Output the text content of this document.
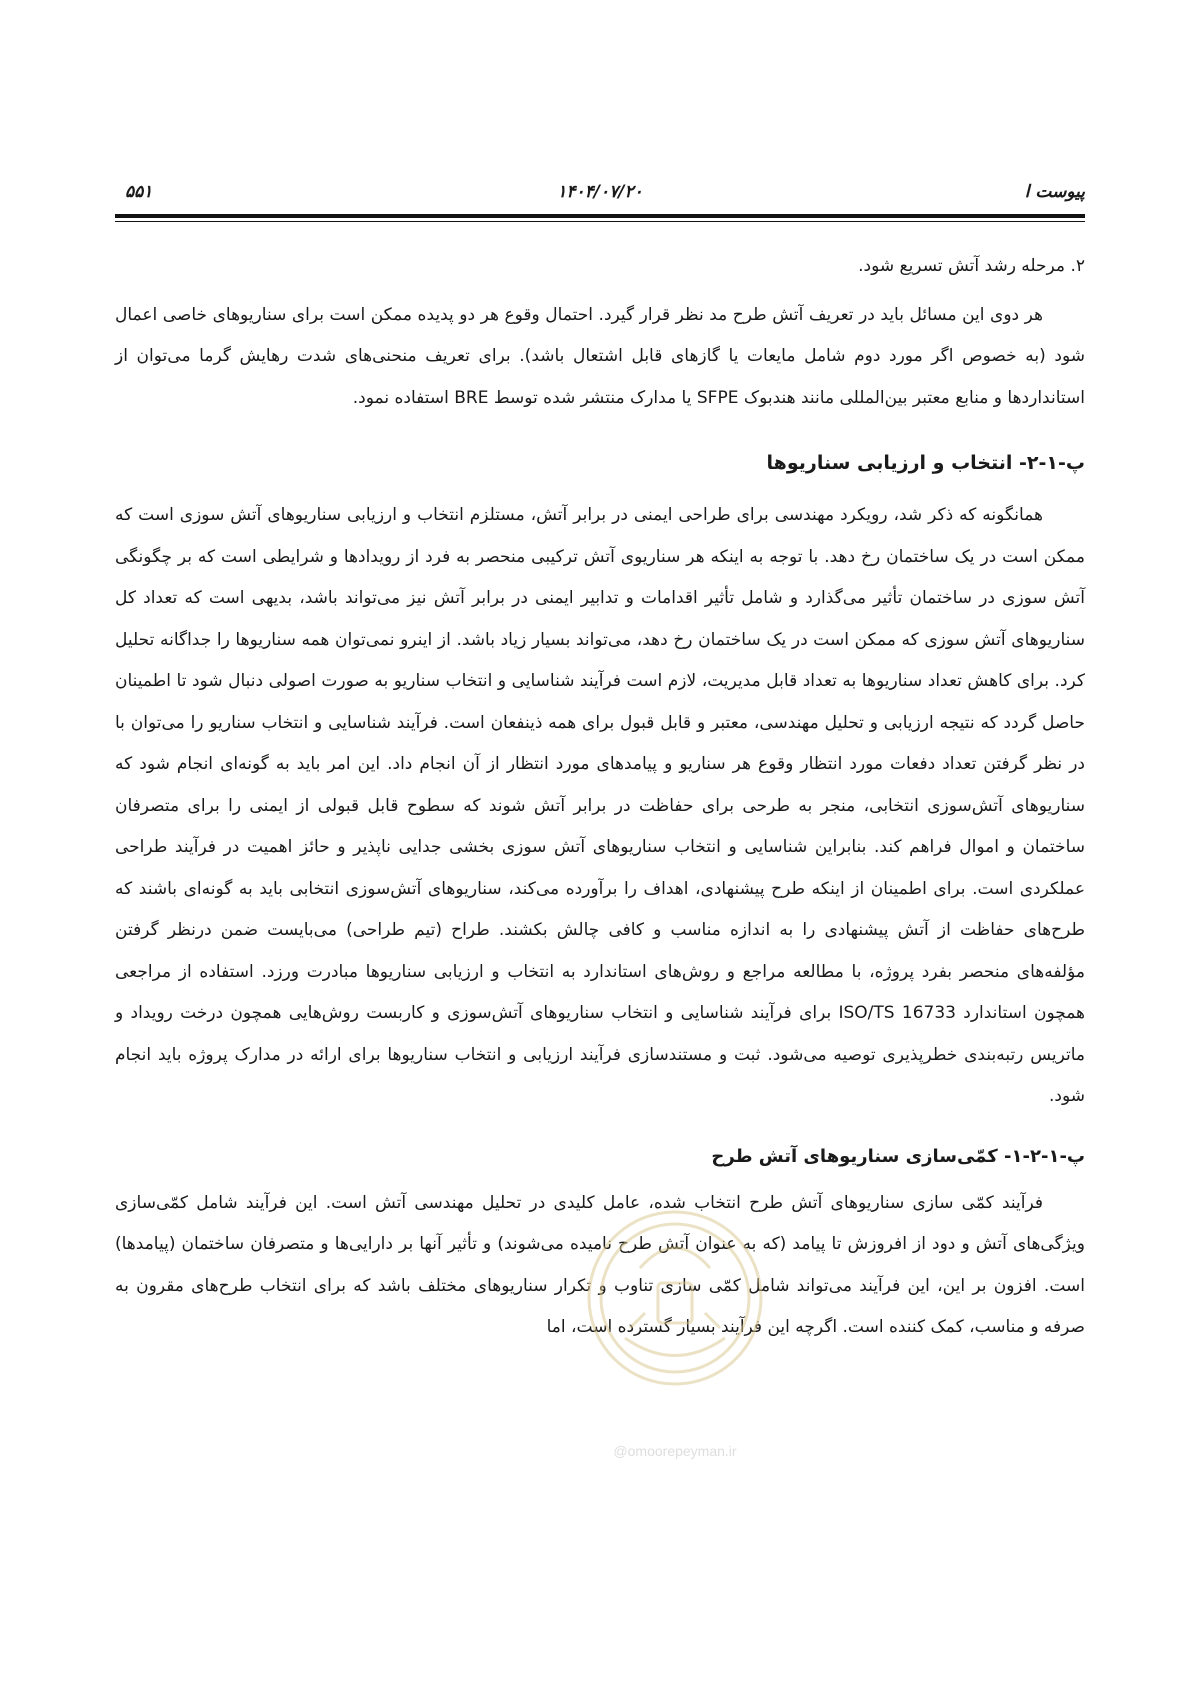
پیوست ا
۱۴۰۴/۰۷/۲۰
۵۵۱

۲. مرحله رشد آتش تسریع شود.

هر دوی این مسائل باید در تعریف آتش طرح مد نظر قرار گیرد. احتمال وقوع هر دو پدیده ممکن است برای سناریوهای خاصی اعمال شود (به خصوص اگر مورد دوم شامل مایعات یا گازهای قابل اشتعال باشد). برای تعریف منحنی‌های شدت رهایش گرما می‌توان از استانداردها و منابع معتبر بین‌المللی مانند هندبوک SFPE یا مدارک منتشر شده توسط BRE استفاده نمود.

پ-۱-۲- انتخاب و ارزیابی سناریوها

همانگونه که ذکر شد، رویکرد مهندسی برای طراحی ایمنی در برابر آتش، مستلزم انتخاب و ارزیابی سناریوهای آتش سوزی است که ممکن است در یک ساختمان رخ دهد. با توجه به اینکه هر سناریوی آتش ترکیبی منحصر به فرد از رویدادها و شرایطی است که بر چگونگی آتش سوزی در ساختمان تأثیر می‌گذارد و شامل تأثیر اقدامات و تدابیر ایمنی در برابر آتش نیز می‌تواند باشد، بدیهی است که تعداد کل سناریوهای آتش سوزی که ممکن است در یک ساختمان رخ دهد، می‌تواند بسیار زیاد باشد. از اینرو نمی‌توان همه سناریوها را جداگانه تحلیل کرد. برای کاهش تعداد سناریوها به تعداد قابل مدیریت، لازم است فرآیند شناسایی و انتخاب سناریو به صورت اصولی دنبال شود تا اطمینان حاصل گردد که نتیجه ارزیابی و تحلیل مهندسی، معتبر و قابل قبول برای همه ذینفعان است. فرآیند شناسایی و انتخاب سناریو را می‌توان با در نظر گرفتن تعداد دفعات مورد انتظار وقوع هر سناریو و پیامدهای مورد انتظار از آن انجام داد. این امر باید به گونه‌ای انجام شود که سناریوهای آتش‌سوزی انتخابی، منجر به طرحی برای حفاظت در برابر آتش شوند که سطوح قابل قبولی از ایمنی را برای متصرفان ساختمان و اموال فراهم کند. بنابراین شناسایی و انتخاب سناریوهای آتش سوزی بخشی جدایی ناپذیر و حائز اهمیت در فرآیند طراحی عملکردی است. برای اطمینان از اینکه طرح پیشنهادی، اهداف را برآورده می‌کند، سناریوهای آتش‌سوزی انتخابی باید به گونه‌ای باشند که طرح‌های حفاظت از آتش پیشنهادی را به اندازه مناسب و کافی چالش بکشند. طراح (تیم طراحی) می‌بایست ضمن درنظر گرفتن مؤلفه‌های منحصر بفرد پروژه، با مطالعه مراجع و روش‌های استاندارد به انتخاب و ارزیابی سناریوها مبادرت ورزد. استفاده از مراجعی همچون استاندارد ISO/TS 16733 برای فرآیند شناسایی و انتخاب سناریوهای آتش‌سوزی و کاربست روش‌هایی همچون درخت رویداد و ماتریس رتبه‌بندی خطرپذیری توصیه می‌شود. ثبت و مستندسازی فرآیند ارزیابی و انتخاب سناریوها برای ارائه در مدارک پروژه باید انجام شود.

پ-۱-۲-۱- کمّی‌سازی سناریوهای آتش طرح

فرآیند کمّی سازی سناریوهای آتش طرح انتخاب شده، عامل کلیدی در تحلیل مهندسی آتش است. این فرآیند شامل کمّی‌سازی ویژگی‌های آتش و دود از افروزش تا پیامد (که به عنوان آتش طرح نامیده می‌شوند) و تأثیر آنها بر دارایی‌ها و متصرفان ساختمان (پیامدها) است. افزون بر این، این فرآیند می‌تواند شامل کمّی سازی تناوب و تکرار سناریوهای مختلف باشد که برای انتخاب طرح‌های مقرون به صرفه و مناسب، کمک کننده است. اگرچه این فرآیند بسیار گسترده است، اما

@omoorepeyman.ir
